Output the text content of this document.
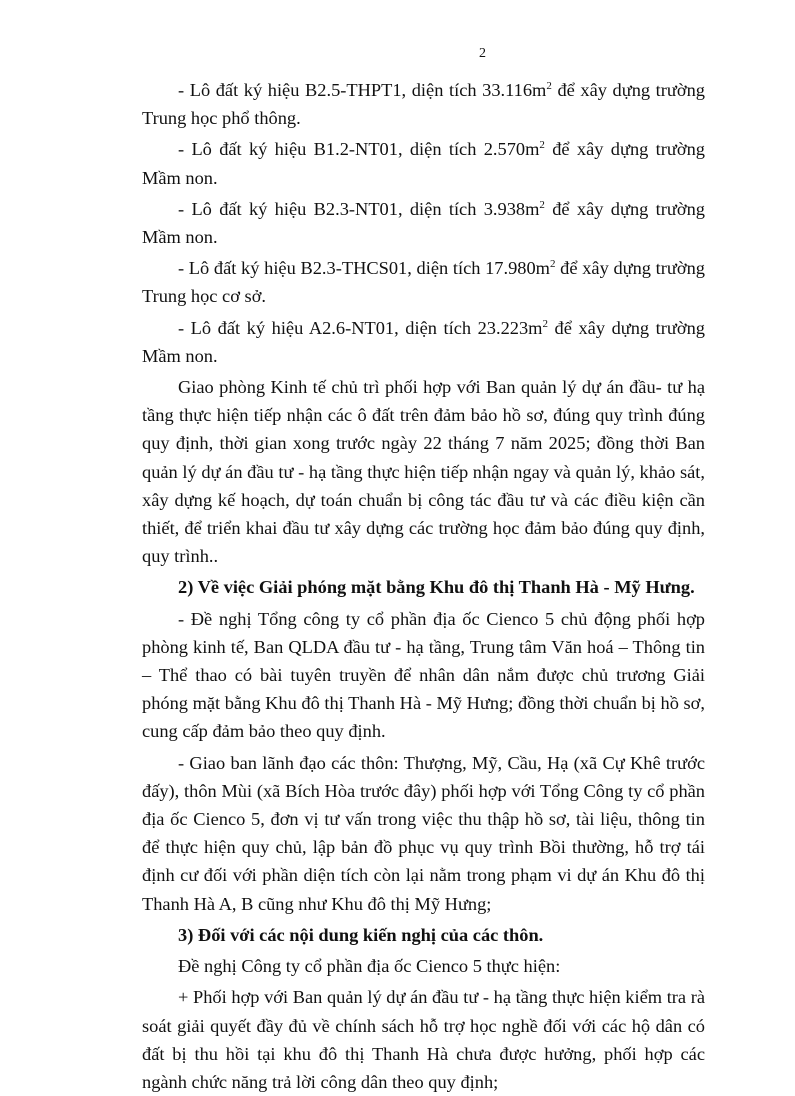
2

- Lô đất ký hiệu B2.5-THPT1, diện tích $33.116m^2$ để xây dựng trường Trung học phổ thông.

- Lô đất ký hiệu B1.2-NT01, diện tích $2.570m^2$ để xây dựng trường Mầm non.

- Lô đất ký hiệu B2.3-NT01, diện tích $3.938m^2$ để xây dựng trường Mầm non.

- Lô đất ký hiệu B2.3-THCS01, diện tích $17.980m^2$ để xây dựng trường Trung học cơ sở.

- Lô đất ký hiệu A2.6-NT01, diện tích $23.223m^2$ để xây dựng trường Mầm non.

Giao phòng Kinh tế chủ trì phối hợp với Ban quản lý dự án đầu- tư hạ tầng thực hiện tiếp nhận các ô đất trên đảm bảo hồ sơ, đúng quy trình đúng quy định, thời gian xong trước ngày 22 tháng 7 năm 2025; đồng thời Ban quản lý dự án đầu tư - hạ tầng thực hiện tiếp nhận ngay và quản lý, khảo sát, xây dựng kế hoạch, dự toán chuẩn bị công tác đầu tư và các điều kiện cần thiết, để triển khai đầu tư xây dựng các trường học đảm bảo đúng quy định, quy trình..

2) Về việc Giải phóng mặt bằng Khu đô thị Thanh Hà - Mỹ Hưng.

- Đề nghị Tổng công ty cổ phần địa ốc Cienco 5 chủ động phối hợp phòng kinh tế, Ban QLDA đầu tư - hạ tầng, Trung tâm Văn hoá – Thông tin – Thể thao có bài tuyên truyền để nhân dân nắm được chủ trương Giải phóng mặt bằng Khu đô thị Thanh Hà - Mỹ Hưng; đồng thời chuẩn bị hồ sơ, cung cấp đảm bảo theo quy định.

- Giao ban lãnh đạo các thôn: Thượng, Mỹ, Cầu, Hạ (xã Cự Khê trước đấy), thôn Mùi (xã Bích Hòa trước đây) phối hợp với Tổng Công ty cổ phần địa ốc Cienco 5, đơn vị tư vấn trong việc thu thập hồ sơ, tài liệu, thông tin để thực hiện quy chủ, lập bản đồ phục vụ quy trình Bồi thường, hỗ trợ tái định cư đối với phần diện tích còn lại nằm trong phạm vi dự án Khu đô thị Thanh Hà A, B cũng như Khu đô thị Mỹ Hưng;

3) Đối với các nội dung kiến nghị của các thôn.

Đề nghị Công ty cổ phần địa ốc Cienco 5 thực hiện:

+ Phối hợp với Ban quản lý dự án đầu tư - hạ tầng thực hiện kiểm tra rà soát giải quyết đầy đủ về chính sách hỗ trợ học nghề đối với các hộ dân có đất bị thu hồi tại khu đô thị Thanh Hà chưa được hưởng, phối hợp các ngành chức năng trả lời công dân theo quy định;
